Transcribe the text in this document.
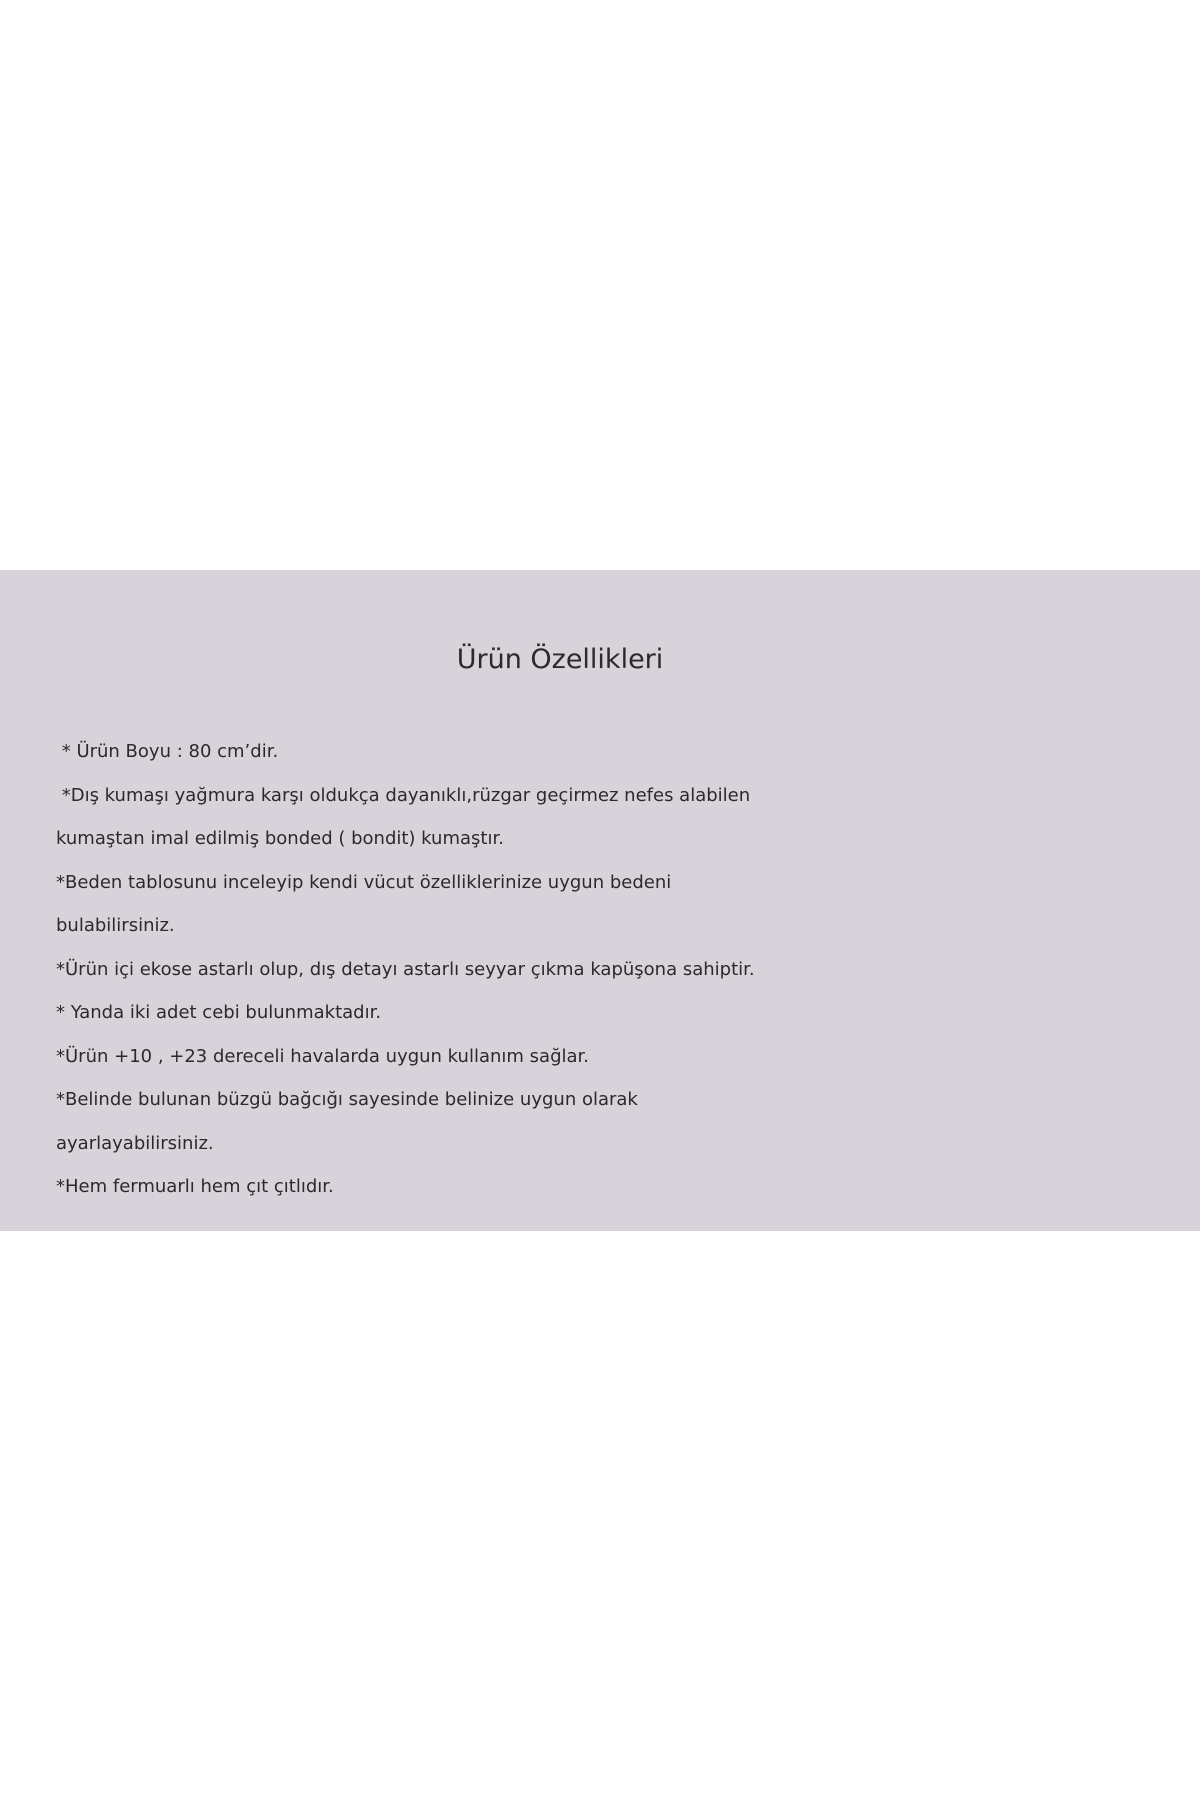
Ürün Özellikleri
* Ürün Boyu : 80 cm’dir.
*Dış kumaşı yağmura karşı oldukça dayanıklı,rüzgar geçirmez nefes alabilen
kumaştan imal edilmiş bonded ( bondit) kumaştır.
*Beden tablosunu inceleyip kendi vücut özelliklerinize uygun bedeni
bulabilirsiniz.
*Ürün içi ekose astarlı olup, dış detayı astarlı seyyar çıkma kapüşona sahiptir.
* Yanda iki adet cebi bulunmaktadır.
*Ürün +10 , +23 dereceli havalarda uygun kullanım sağlar.
*Belinde bulunan büzgü bağcığı sayesinde belinize uygun olarak
ayarlayabilirsiniz.
*Hem fermuarlı hem çıt çıtlıdır.
